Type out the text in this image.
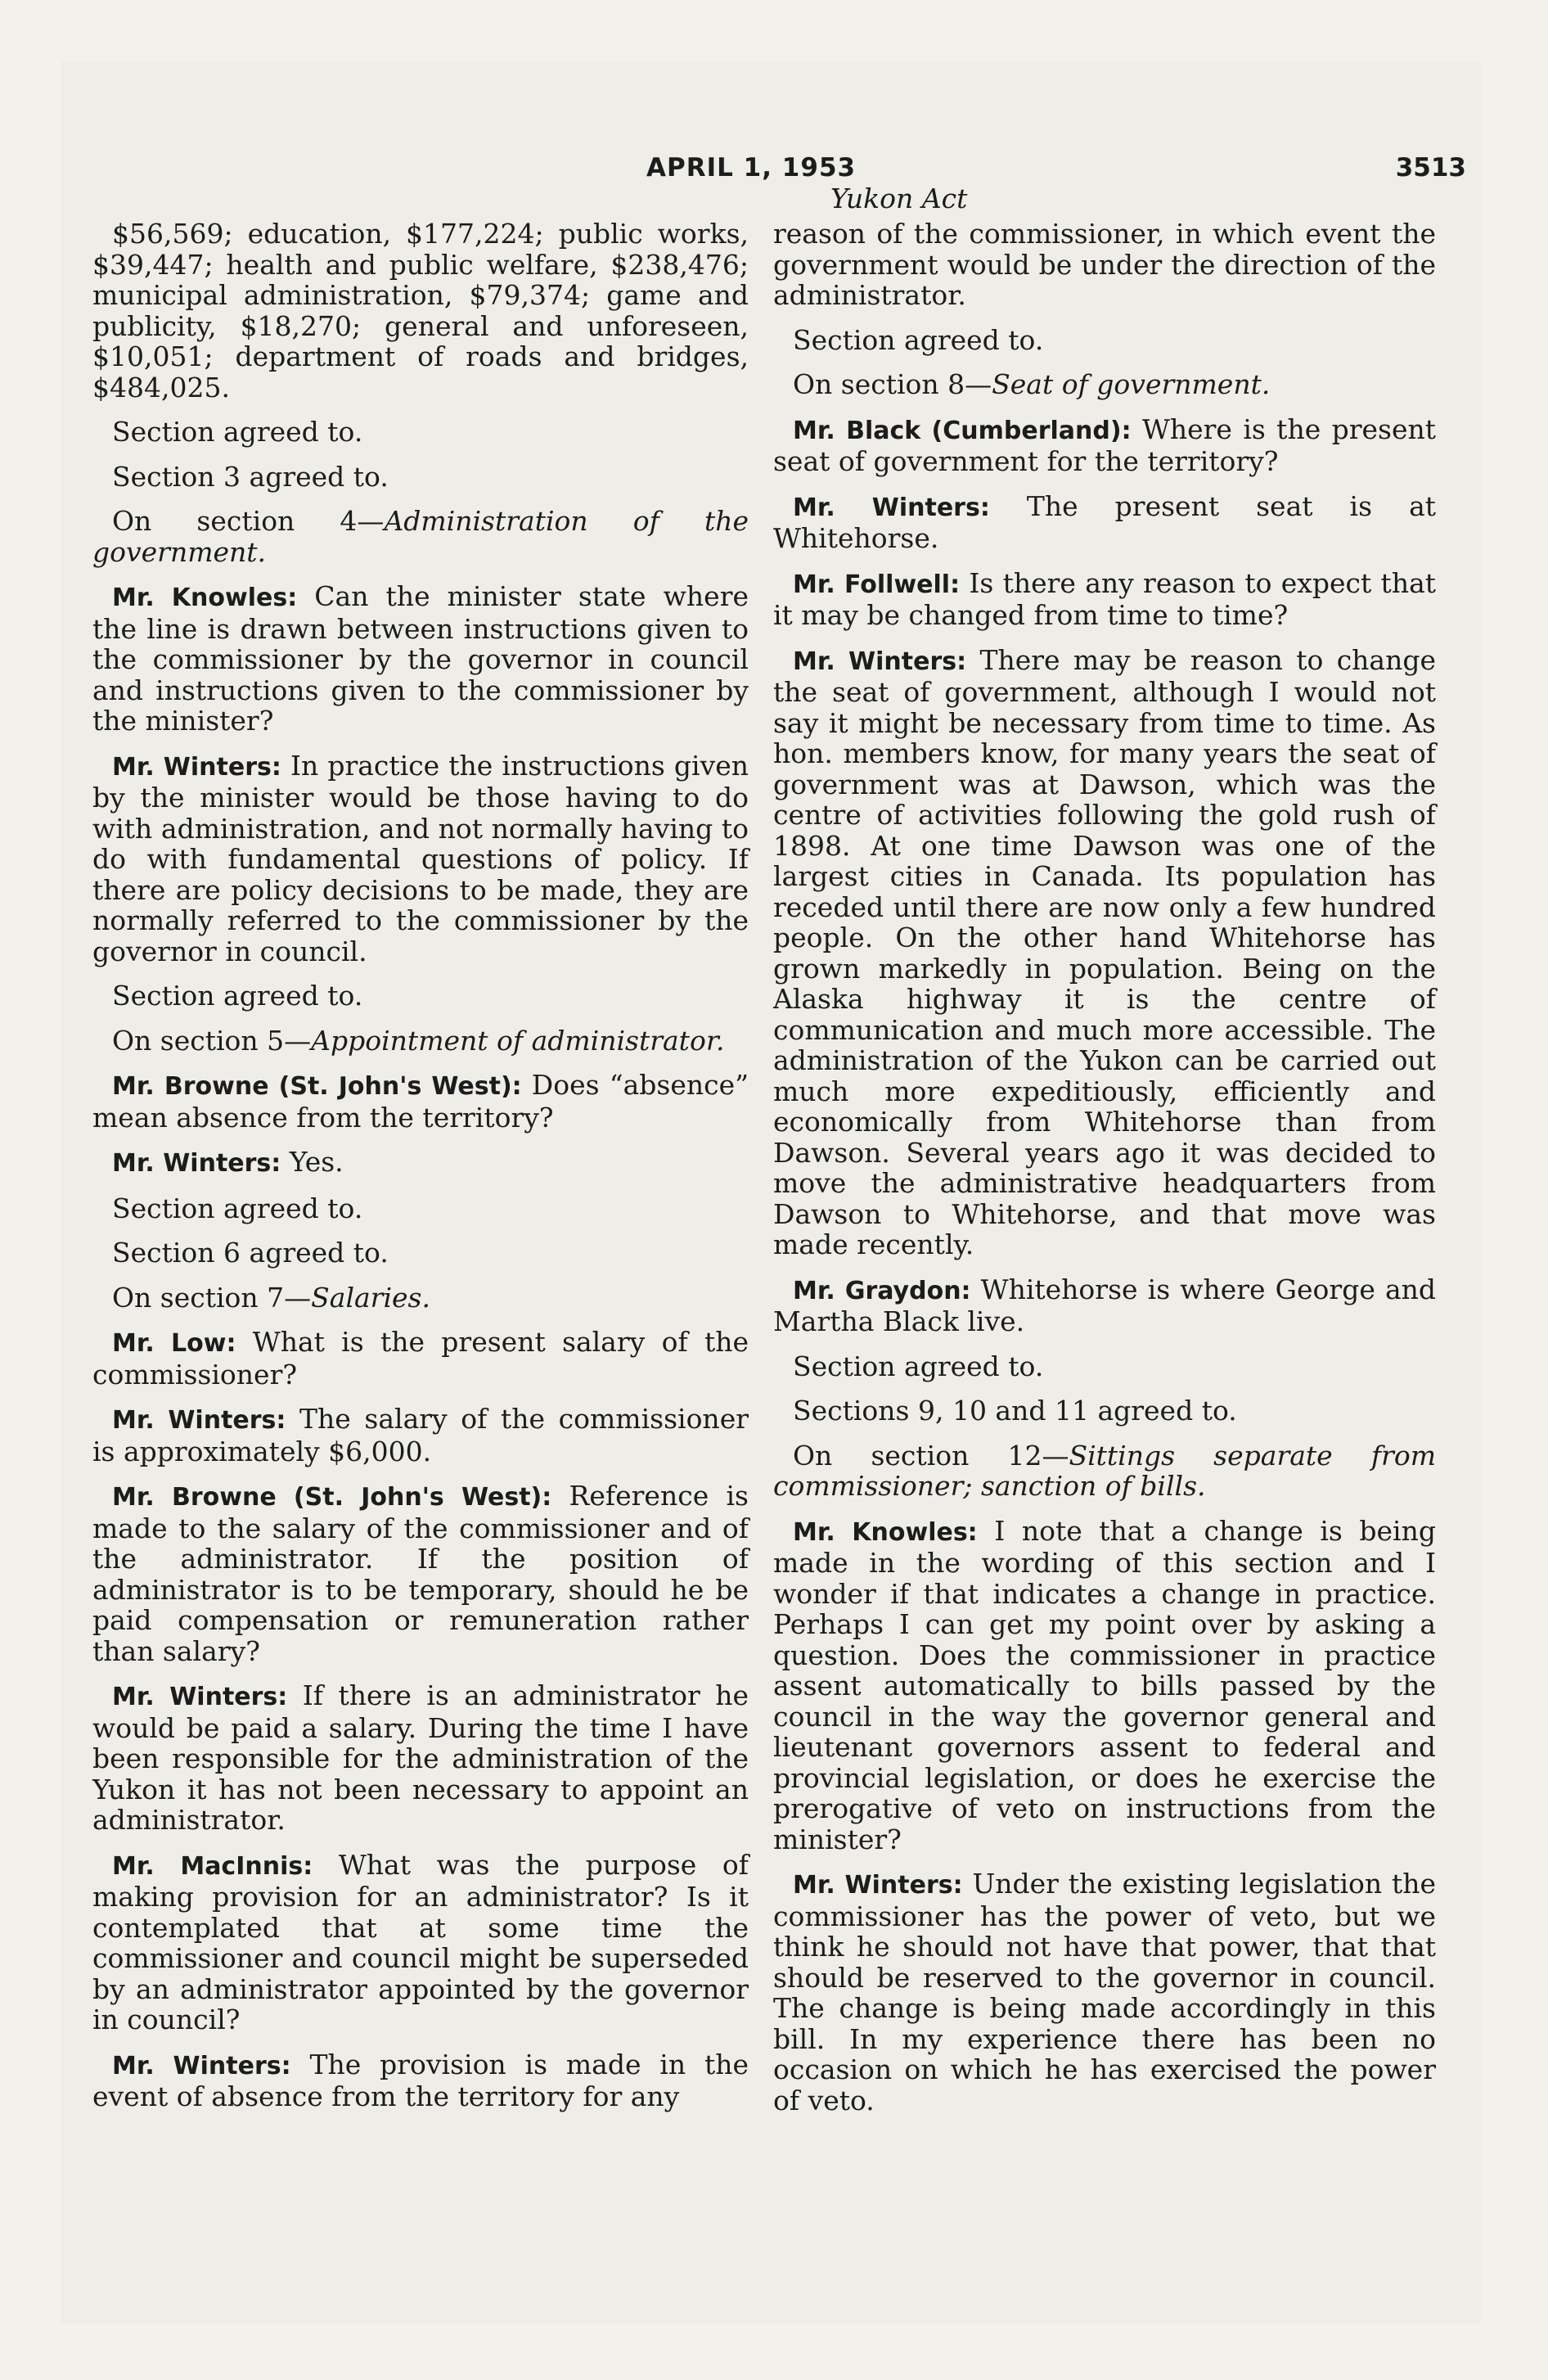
APRIL 1, 1953	3513
Yukon Act

$56,569; education, $177,224; public works, $39,447; health and public welfare, $238,476; municipal administration, $79,374; game and publicity, $18,270; general and unforeseen, $10,051; department of roads and bridges, $484,025.

Section agreed to.

Section 3 agreed to.

On section 4—Administration of the government.

Mr. Knowles: Can the minister state where the line is drawn between instructions given to the commissioner by the governor in council and instructions given to the commissioner by the minister?

Mr. Winters: In practice the instructions given by the minister would be those having to do with administration, and not normally having to do with fundamental questions of policy. If there are policy decisions to be made, they are normally referred to the commissioner by the governor in council.

Section agreed to.

On section 5—Appointment of administrator.

Mr. Browne (St. John's West): Does “absence” mean absence from the territory?

Mr. Winters: Yes.

Section agreed to.

Section 6 agreed to.

On section 7—Salaries.

Mr. Low: What is the present salary of the commissioner?

Mr. Winters: The salary of the commissioner is approximately $6,000.

Mr. Browne (St. John's West): Reference is made to the salary of the commissioner and of the administrator. If the position of administrator is to be temporary, should he be paid compensation or remuneration rather than salary?

Mr. Winters: If there is an administrator he would be paid a salary. During the time I have been responsible for the administration of the Yukon it has not been necessary to appoint an administrator.

Mr. MacInnis: What was the purpose of making provision for an administrator? Is it contemplated that at some time the commissioner and council might be superseded by an administrator appointed by the governor in council?

Mr. Winters: The provision is made in the event of absence from the territory for any

reason of the commissioner, in which event the government would be under the direction of the administrator.

Section agreed to.

On section 8—Seat of government.

Mr. Black (Cumberland): Where is the present seat of government for the territory?

Mr. Winters: The present seat is at Whitehorse.

Mr. Follwell: Is there any reason to expect that it may be changed from time to time?

Mr. Winters: There may be reason to change the seat of government, although I would not say it might be necessary from time to time. As hon. members know, for many years the seat of government was at Dawson, which was the centre of activities following the gold rush of 1898. At one time Dawson was one of the largest cities in Canada. Its population has receded until there are now only a few hundred people. On the other hand Whitehorse has grown markedly in population. Being on the Alaska highway it is the centre of communication and much more accessible. The administration of the Yukon can be carried out much more expeditiously, efficiently and economically from Whitehorse than from Dawson. Several years ago it was decided to move the administrative headquarters from Dawson to Whitehorse, and that move was made recently.

Mr. Graydon: Whitehorse is where George and Martha Black live.

Section agreed to.

Sections 9, 10 and 11 agreed to.

On section 12—Sittings separate from commissioner; sanction of bills.

Mr. Knowles: I note that a change is being made in the wording of this section and I wonder if that indicates a change in practice. Perhaps I can get my point over by asking a question. Does the commissioner in practice assent automatically to bills passed by the council in the way the governor general and lieutenant governors assent to federal and provincial legislation, or does he exercise the prerogative of veto on instructions from the minister?

Mr. Winters: Under the existing legislation the commissioner has the power of veto, but we think he should not have that power, that that should be reserved to the governor in council. The change is being made accordingly in this bill. In my experience there has been no occasion on which he has exercised the power of veto.
